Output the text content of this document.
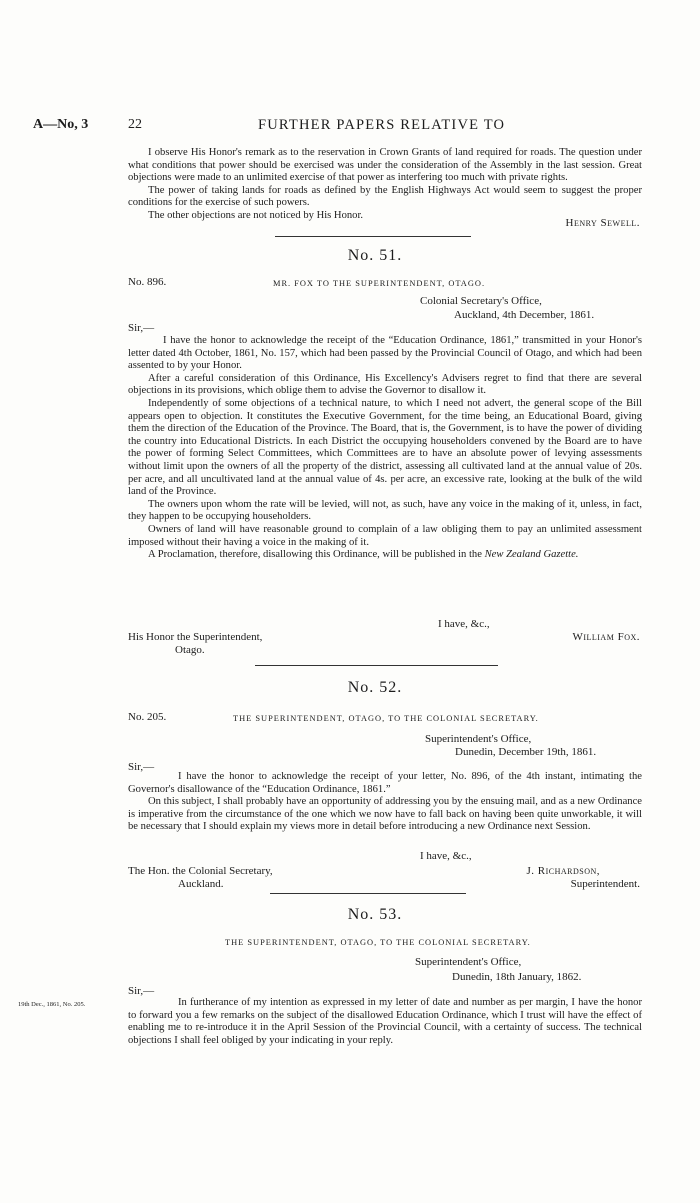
A—No, 3	22	FURTHER PAPERS RELATIVE TO

I observe His Honor's remark as to the reservation in Crown Grants of land required for roads. The question under what conditions that power should be exercised was under the consideration of the Assembly in the last session. Great objections were made to an unlimited exercise of that power as interfering too much with private rights.

The power of taking lands for roads as defined by the English Highways Act would seem to suggest the proper conditions for the exercise of such powers.

The other objections are not noticed by His Honor.

Henry Sewell.
No. 51.
No. 896.	MR. FOX TO THE SUPERINTENDENT, OTAGO.
Colonial Secretary's Office,
Auckland, 4th December, 1861.
Sir,—

I have the honor to acknowledge the receipt of the “Education Ordinance, 1861,” transmitted in your Honor's letter dated 4th October, 1861, No. 157, which had been passed by the Provincial Council of Otago, and which had been assented to by your Honor.

After a careful consideration of this Ordinance, His Excellency's Advisers regret to find that there are several objections in its provisions, which oblige them to advise the Governor to disallow it.

Independently of some objections of a technical nature, to which I need not advert, the general scope of the Bill appears open to objection. It constitutes the Executive Government, for the time being, an Educational Board, giving them the direction of the Education of the Province. The Board, that is, the Government, is to have the power of dividing the country into Educational Districts. In each District the occupying householders convened by the Board are to have the power of forming Select Committees, which Committees are to have an absolute power of levying assessments without limit upon the owners of all the property of the district, assessing all cultivated land at the annual value of 20s. per acre, and all uncultivated land at the annual value of 4s. per acre, an excessive rate, looking at the bulk of the wild land of the Province.

The owners upon whom the rate will be levied, will not, as such, have any voice in the making of it, unless, in fact, they happen to be occupying householders.

Owners of land will have reasonable ground to complain of a law obliging them to pay an unlimited assessment imposed without their having a voice in the making of it.

A Proclamation, therefore, disallowing this Ordinance, will be published in the New Zealand Gazette.

I have, &c.,
His Honor the Superintendent,
Otago.
William Fox.
No. 52.
No. 205.	THE SUPERINTENDENT, OTAGO, TO THE COLONIAL SECRETARY.
Superintendent's Office,
Dunedin, December 19th, 1861.
Sir,—

I have the honor to acknowledge the receipt of your letter, No. 896, of the 4th instant, intimating the Governor's disallowance of the “Education Ordinance, 1861.”

On this subject, I shall probably have an opportunity of addressing you by the ensuing mail, and as a new Ordinance is imperative from the circumstance of the one which we now have to fall back on having been quite unworkable, it will be necessary that I should explain my views more in detail before introducing a new Ordinance next Session.

I have, &c.,
The Hon. the Colonial Secretary,
Auckland.
J. Richardson,
Superintendent.
No. 53.
THE SUPERINTENDENT, OTAGO, TO THE COLONIAL SECRETARY.
Superintendent's Office,
Dunedin, 18th January, 1862.
Sir,—
19th Dec., 1861, No. 205.	In furtherance of my intention as expressed in my letter of date and number as per margin, I have the honor to forward you a few remarks on the subject of the disallowed Education Ordinance, which I trust will have the effect of enabling me to re-introduce it in the April Session of the Provincial Council, with a certainty of success. The technical objections I shall feel obliged by your indicating in your reply.
